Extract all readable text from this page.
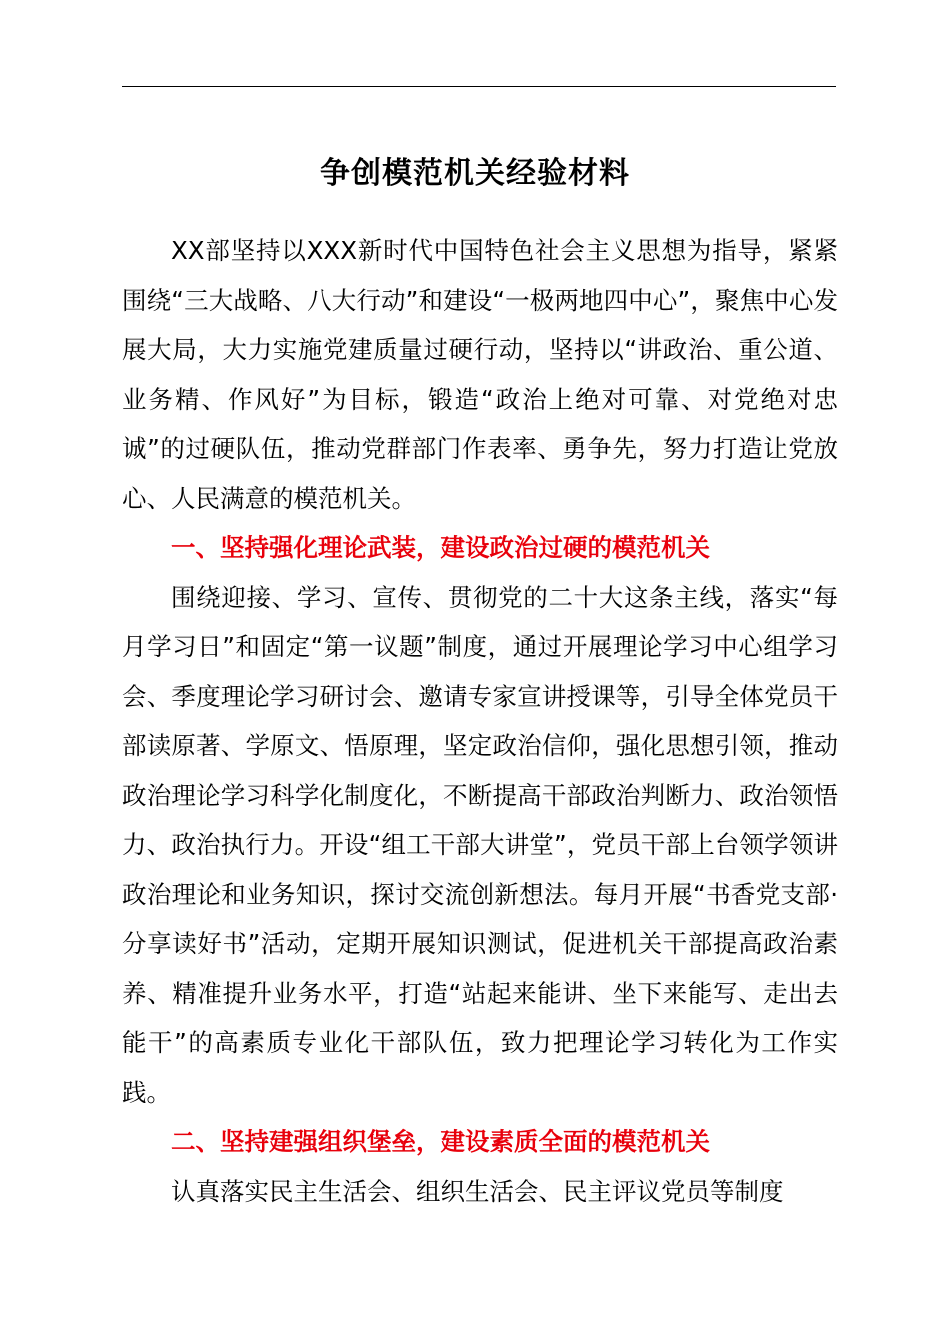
争创模范机关经验材料

XX部坚持以XXX新时代中国特色社会主义思想为指导，紧紧围绕“三大战略、八大行动”和建设“一极两地四中心”，聚焦中心发展大局，大力实施党建质量过硬行动，坚持以“讲政治、重公道、业务精、作风好”为目标，锻造“政治上绝对可靠、对党绝对忠诚”的过硬队伍，推动党群部门作表率、勇争先，努力打造让党放心、人民满意的模范机关。

一、坚持强化理论武装，建设政治过硬的模范机关

围绕迎接、学习、宣传、贯彻党的二十大这条主线，落实“每月学习日”和固定“第一议题”制度，通过开展理论学习中心组学习会、季度理论学习研讨会、邀请专家宣讲授课等，引导全体党员干部读原著、学原文、悟原理，坚定政治信仰，强化思想引领，推动政治理论学习科学化制度化，不断提高干部政治判断力、政治领悟力、政治执行力。开设“组工干部大讲堂”，党员干部上台领学领讲政治理论和业务知识，探讨交流创新想法。每月开展“书香党支部·分享读好书”活动，定期开展知识测试，促进机关干部提高政治素养、精准提升业务水平，打造“站起来能讲、坐下来能写、走出去能干”的高素质专业化干部队伍，致力把理论学习转化为工作实践。

二、坚持建强组织堡垒，建设素质全面的模范机关

认真落实民主生活会、组织生活会、民主评议党员等制度
